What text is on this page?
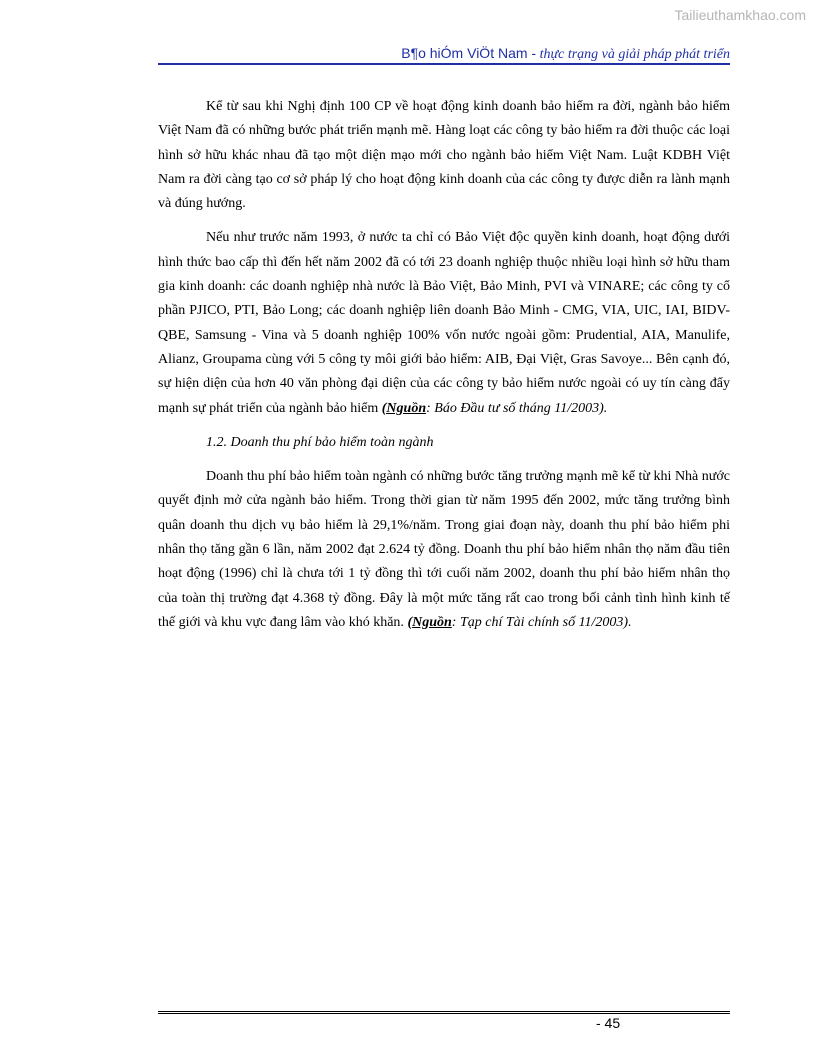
Tailieuthamkhao.com
B¶o hiÓm ViÖt Nam - thực trạng và giải pháp phát triển

Kể từ sau khi Nghị định 100 CP về hoạt động kinh doanh bảo hiểm ra đời, ngành bảo hiểm Việt Nam đã có những bước phát triển mạnh mẽ. Hàng loạt các công ty bảo hiểm ra đời thuộc các loại hình sở hữu khác nhau đã tạo một diện mạo mới cho ngành bảo hiểm Việt Nam. Luật KDBH Việt Nam ra đời càng tạo cơ sở pháp lý cho hoạt động kinh doanh của các công ty được diễn ra lành mạnh và đúng hướng.

Nếu như trước năm 1993, ở nước ta chỉ có Bảo Việt độc quyền kinh doanh, hoạt động dưới hình thức bao cấp thì đến hết năm 2002 đã có tới 23 doanh nghiệp thuộc nhiều loại hình sở hữu tham gia kinh doanh: các doanh nghiệp nhà nước là Bảo Việt, Bảo Minh, PVI và VINARE; các công ty cổ phần PJICO, PTI, Bảo Long; các doanh nghiệp liên doanh Bảo Minh - CMG, VIA, UIC, IAI, BIDV-QBE, Samsung - Vina và 5 doanh nghiệp 100% vốn nước ngoài gồm: Prudential, AIA, Manulife, Alianz, Groupama cùng với 5 công ty môi giới bảo hiểm: AIB, Đại Việt, Gras Savoye... Bên cạnh đó, sự hiện diện của hơn 40 văn phòng đại diện của các công ty bảo hiểm nước ngoài có uy tín càng đẩy mạnh sự phát triển của ngành bảo hiểm (Nguồn: Báo Đầu tư số tháng 11/2003).

1.2. Doanh thu phí bảo hiểm toàn ngành

Doanh thu phí bảo hiểm toàn ngành có những bước tăng trưởng mạnh mẽ kể từ khi Nhà nước quyết định mở cửa ngành bảo hiểm. Trong thời gian từ năm 1995 đến 2002, mức tăng trưởng bình quân doanh thu dịch vụ bảo hiểm là 29,1%/năm. Trong giai đoạn này, doanh thu phí bảo hiểm phi nhân thọ tăng gần 6 lần, năm 2002 đạt 2.624 tỷ đồng. Doanh thu phí bảo hiểm nhân thọ năm đầu tiên hoạt động (1996) chỉ là chưa tới 1 tỷ đồng thì tới cuối năm 2002, doanh thu phí bảo hiểm nhân thọ của toàn thị trường đạt 4.368 tỷ đồng. Đây là một mức tăng rất cao trong bối cảnh tình hình kinh tế thế giới và khu vực đang lâm vào khó khăn. (Nguồn: Tạp chí Tài chính số 11/2003).

- 45
